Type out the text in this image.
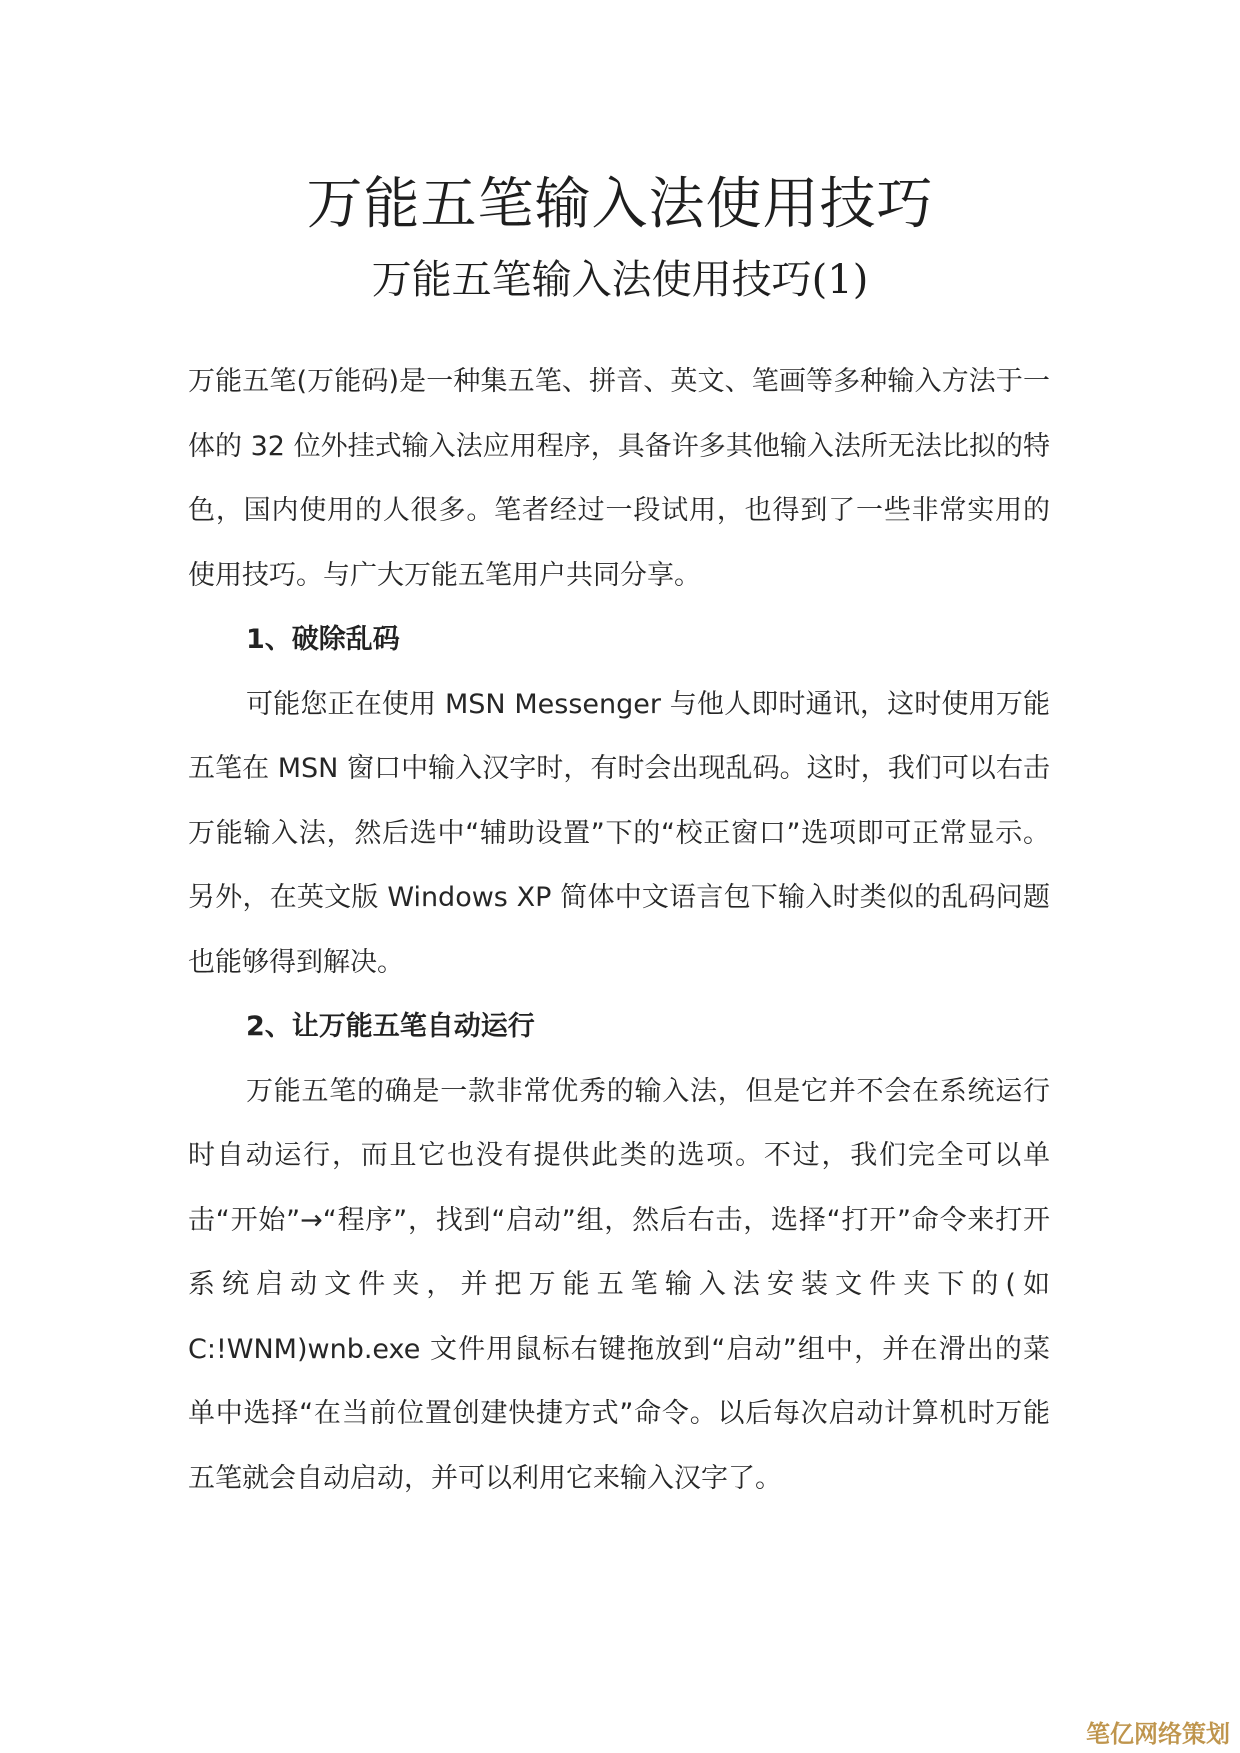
万能五笔输入法使用技巧
万能五笔输入法使用技巧(1)

万能五笔(万能码)是一种集五笔、拼音、英文、笔画等多种输入方法于一体的 32 位外挂式输入法应用程序，具备许多其他输入法所无法比拟的特色，国内使用的人很多。笔者经过一段试用，也得到了一些非常实用的使用技巧。与广大万能五笔用户共同分享。

1、破除乱码

可能您正在使用 MSN Messenger 与他人即时通讯，这时使用万能五笔在 MSN 窗口中输入汉字时，有时会出现乱码。这时，我们可以右击万能输入法，然后选中“辅助设置”下的“校正窗口”选项即可正常显示。另外，在英文版 Windows XP 简体中文语言包下输入时类似的乱码问题也能够得到解决。

2、让万能五笔自动运行

万能五笔的确是一款非常优秀的输入法，但是它并不会在系统运行时自动运行，而且它也没有提供此类的选项。不过，我们完全可以单击“开始”→“程序”，找到“启动”组，然后右击，选择“打开”命令来打开系统启动文件夹，并把万能五笔输入法安装文件夹下的(如 C:!WNM)wnb.exe 文件用鼠标右键拖放到“启动”组中，并在滑出的菜单中选择“在当前位置创建快捷方式”命令。以后每次启动计算机时万能五笔就会自动启动，并可以利用它来输入汉字了。

笔亿网络策划
